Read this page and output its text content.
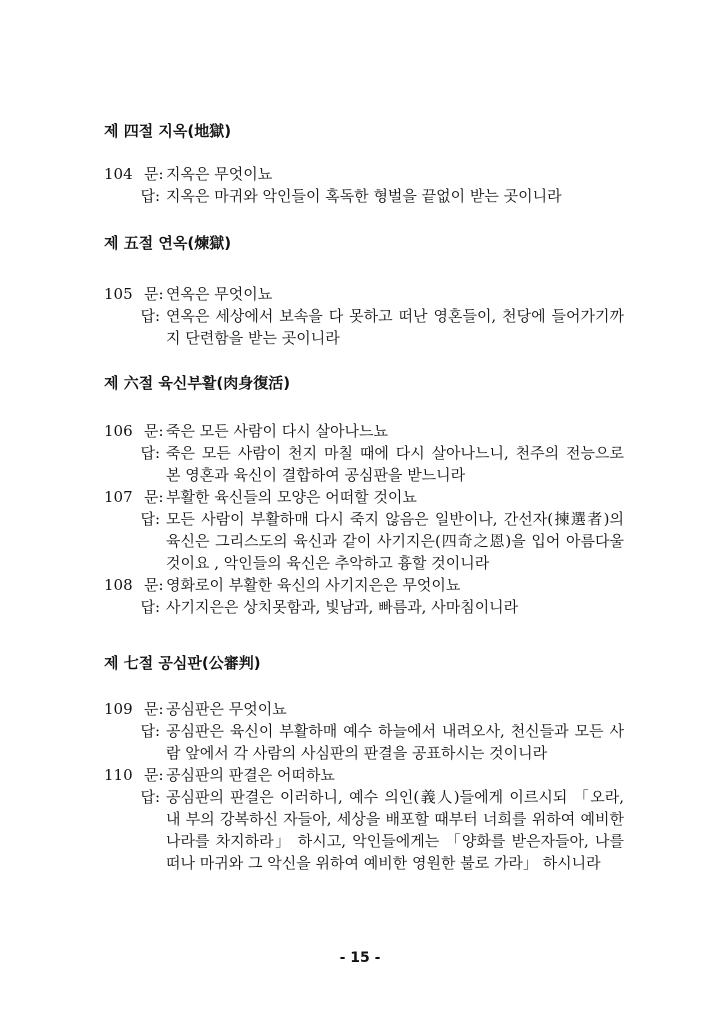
제 四절 지옥(地獄)
104 문: 지옥은 무엇이뇨
답: 지옥은 마귀와 악인들이 혹독한 형벌을 끝없이 받는 곳이니라
제 五절 연옥(煉獄)
105 문: 연옥은 무엇이뇨
답: 연옥은 세상에서 보속을 다 못하고 떠난 영혼들이, 천당에 들어가기까지 단련함을 받는 곳이니라
제 六절 육신부활(肉身復活)
106 문: 죽은 모든 사람이 다시 살아나느뇨
답: 죽은 모든 사람이 천지 마칠 때에 다시 살아나느니, 천주의 전능으로 본 영혼과 육신이 결합하여 공심판을 받느니라
107 문: 부활한 육신들의 모양은 어떠할 것이뇨
답: 모든 사람이 부활하매 다시 죽지 않음은 일반이나, 간선자(揀選者)의 육신은 그리스도의 육신과 같이 사기지은(四奇之恩)을 입어 아름다울 것이요 , 악인들의 육신은 추악하고 흉할 것이니라
108 문: 영화로이 부활한 육신의 사기지은은 무엇이뇨
답: 사기지은은 상치못함과, 빛남과, 빠름과, 사마침이니라
제 七절 공심판(公審判)
109 문: 공심판은 무엇이뇨
답: 공심판은 육신이 부활하매 예수 하늘에서 내려오사, 천신들과 모든 사람 앞에서 각 사람의 사심판의 판결을 공표하시는 것이니라
110 문: 공심판의 판결은 어떠하뇨
답: 공심판의 판결은 이러하니, 예수 의인(義人)들에게 이르시되 「오라, 내 부의 강복하신 자들아, 세상을 배포할 때부터 너희를 위하여 예비한 나라를 차지하라」 하시고, 악인들에게는 「양화를 받은자들아, 나를 떠나 마귀와 그 악신을 위하여 예비한 영원한 불로 가라」 하시니라
- 15 -
